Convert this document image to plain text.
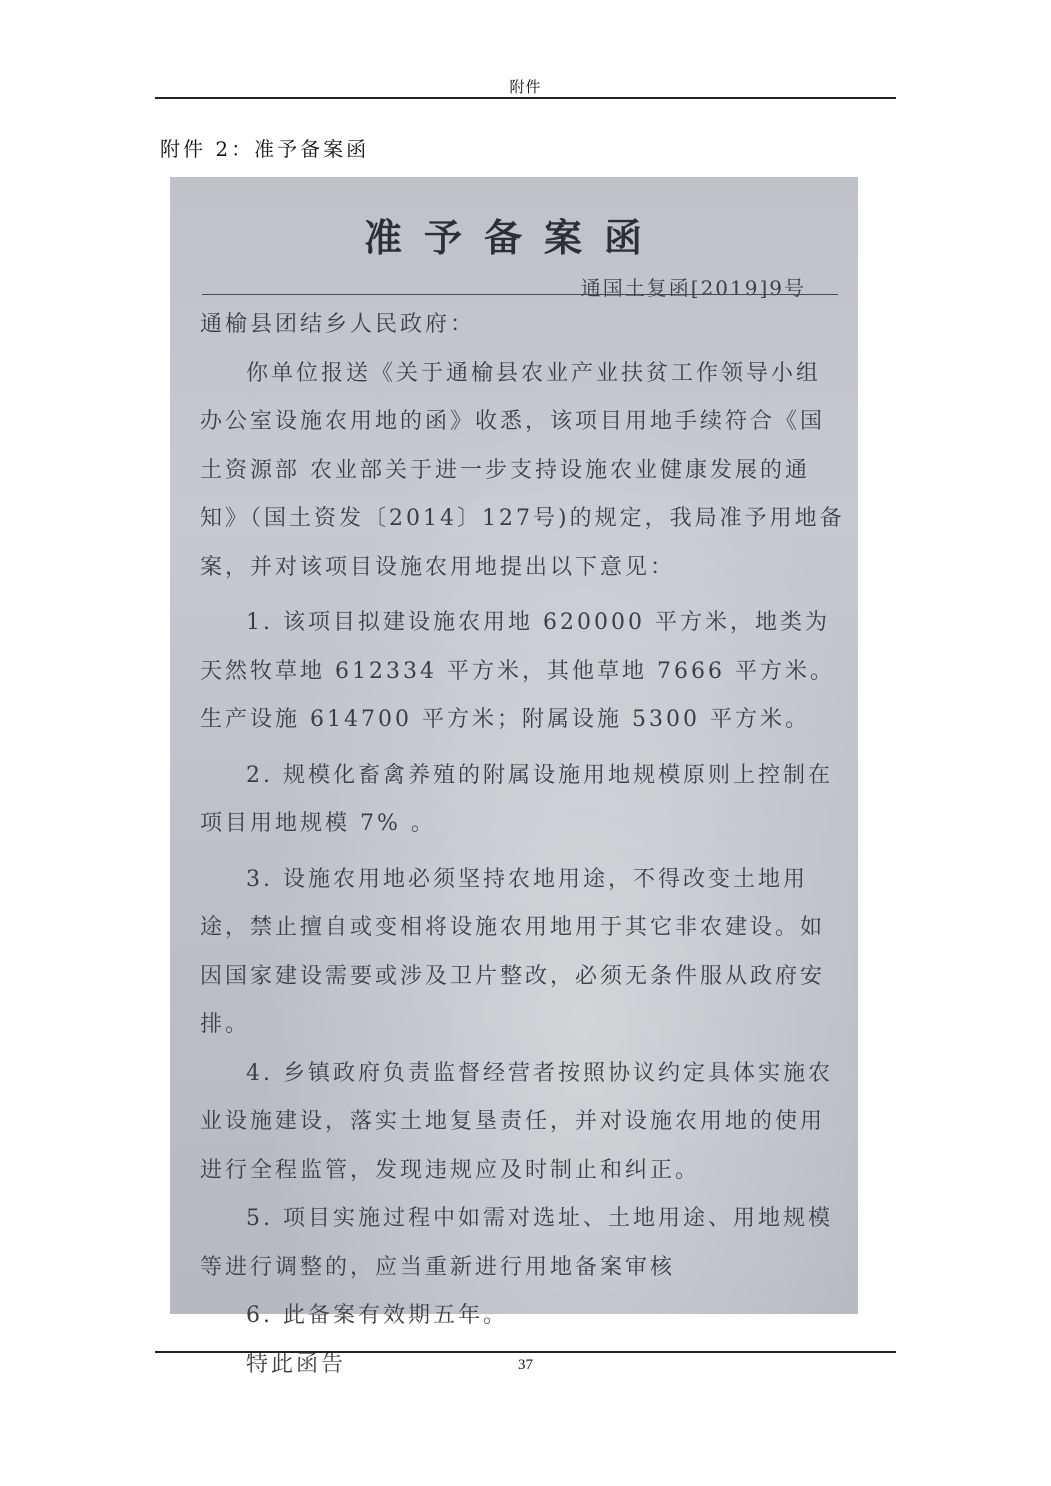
附件
附件 2：准予备案函
准予备案函
通国土复函[2019]9号

通榆县团结乡人民政府：

你单位报送《关于通榆县农业产业扶贫工作领导小组办公室设施农用地的函》收悉，该项目用地手续符合《国土资源部 农业部关于进一步支持设施农业健康发展的通知》（国土资发〔2014〕127号)的规定，我局准予用地备案，并对该项目设施农用地提出以下意见：

1. 该项目拟建设施农用地 620000 平方米，地类为天然牧草地 612334 平方米，其他草地 7666 平方米。生产设施 614700 平方米；附属设施 5300 平方米。

2. 规模化畜禽养殖的附属设施用地规模原则上控制在项目用地规模 7% 。

3. 设施农用地必须坚持农地用途，不得改变土地用途，禁止擅自或变相将设施农用地用于其它非农建设。如因国家建设需要或涉及卫片整改，必须无条件服从政府安排。

4. 乡镇政府负责监督经营者按照协议约定具体实施农业设施建设，落实土地复垦责任，并对设施农用地的使用进行全程监管，发现违规应及时制止和纠正。

5. 项目实施过程中如需对选址、土地用途、用地规模等进行调整的，应当重新进行用地备案审核

6. 此备案有效期五年。

特此函告	37
